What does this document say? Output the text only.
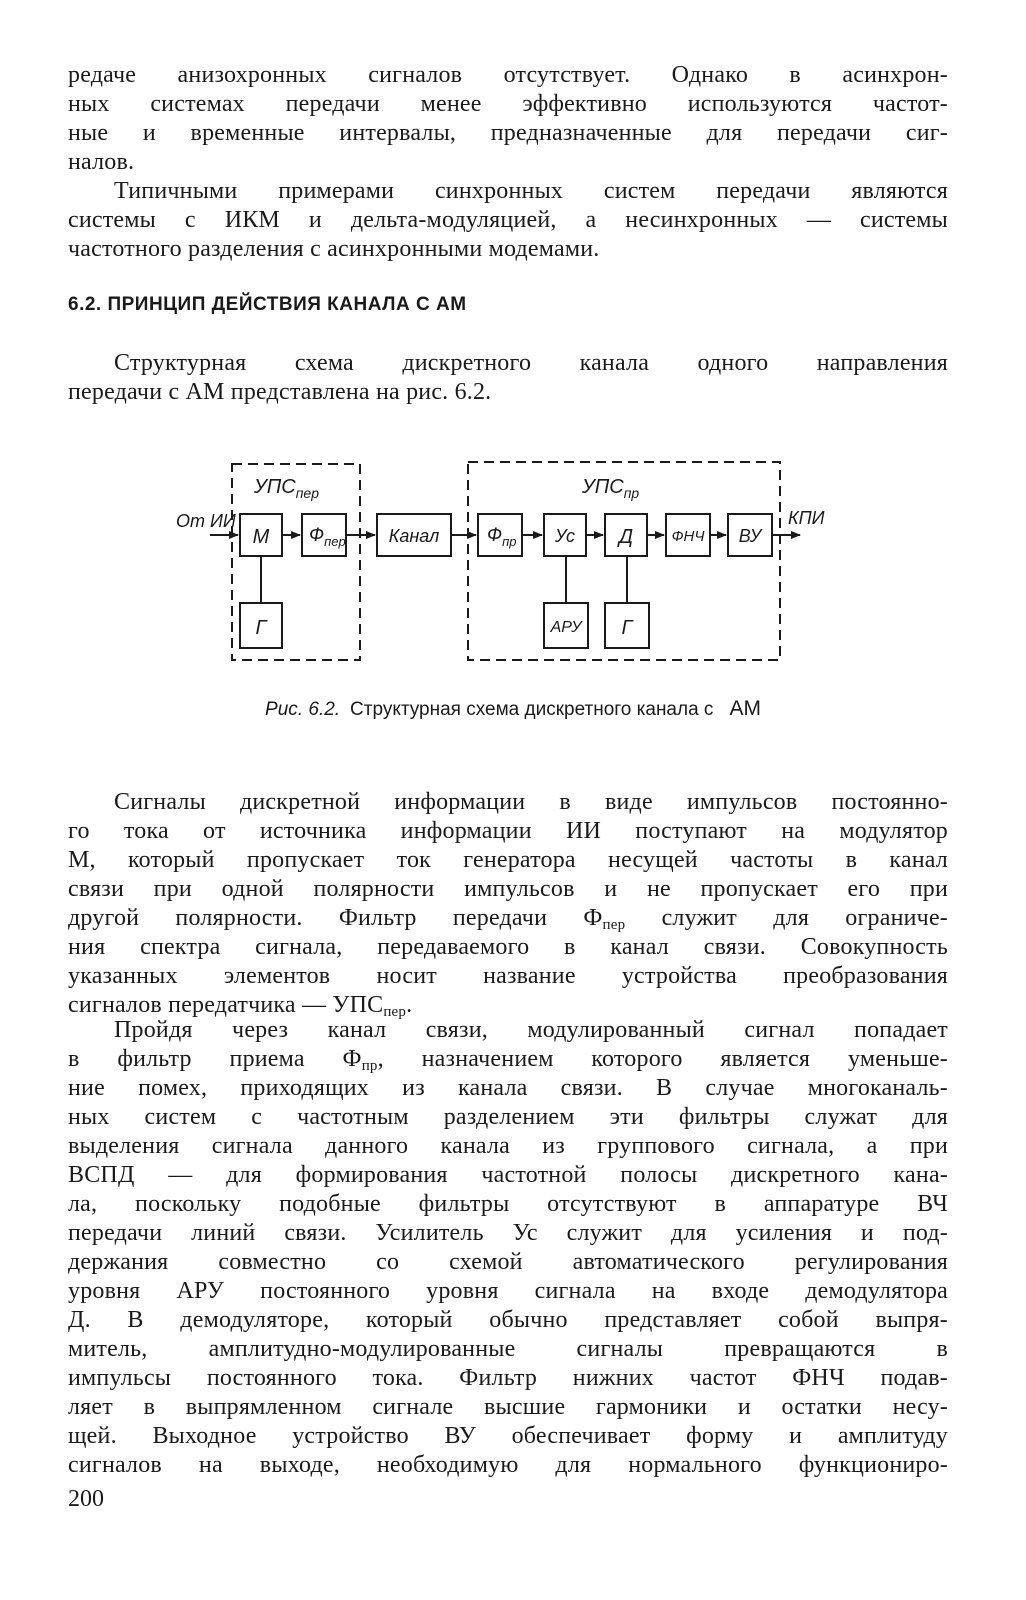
редаче анизохронных сигналов отсутствует. Однако в асинхрон-
ных системах передачи менее эффективно используются частот-
ные и временные интервалы, предназначенные для передачи сиг-
налов.
Типичными примерами синхронных систем передачи являются
системы с ИКМ и дельта-модуляцией, а несинхронных — системы
частотного разделения с асинхронными модемами.
6.2. ПРИНЦИП ДЕЙСТВИЯ КАНАЛА С АМ
Структурная схема дискретного канала одного направления
передачи с АМ представлена на рис. 6.2.
$УПС_{пер}$	$УПС_{пр}$
От ИИ	КПИ
М $Ф_{пер}$
Г
Канал	$Ф_{пр}$ Ус Д	ФНЧ ВУ
АРУ Г
Рис. 6.2. Структурная схема дискретного канала с АМ
Сигналы дискретной информации в виде импульсов постоянно-
го тока от источника информации ИИ поступают на модулятор
М, который пропускает ток генератора несущей частоты в канал
связи при одной полярности импульсов и не пропускает его при
другой полярности. Фильтр передачи $Ф_{пер}$ служит для ограниче-
ния спектра сигнала, передаваемого в канал связи. Совокупность
указанных элементов носит название устройства преобразования
сигналов передатчика — $УПС_{пер}$.
Пройдя через канал связи, модулированный сигнал попадает
в фильтр приема $Ф_{пр}$, назначением которого является уменьше-
ние помех, приходящих из канала связи. В случае многоканаль-
ных систем с частотным разделением эти фильтры служат для
выделения сигнала данного канала из группового сигнала, а при
ВСПД — для формирования частотной полосы дискретного кана-
ла, поскольку подобные фильтры отсутствуют в аппаратуре ВЧ
передачи линий связи. Усилитель Ус служит для усиления и под-
держания совместно со схемой автоматического регулирования
уровня АРУ постоянного уровня сигнала на входе демодулятора
Д. В демодуляторе, который обычно представляет собой выпря-
митель, амплитудно-модулированные сигналы превращаются в
импульсы постоянного тока. Фильтр нижних частот ФНЧ подав-
ляет в выпрямленном сигнале высшие гармоники и остатки несу-
щей. Выходное устройство ВУ обеспечивает форму и амплитуду
сигналов на выходе, необходимую для нормального функциониро-
200
